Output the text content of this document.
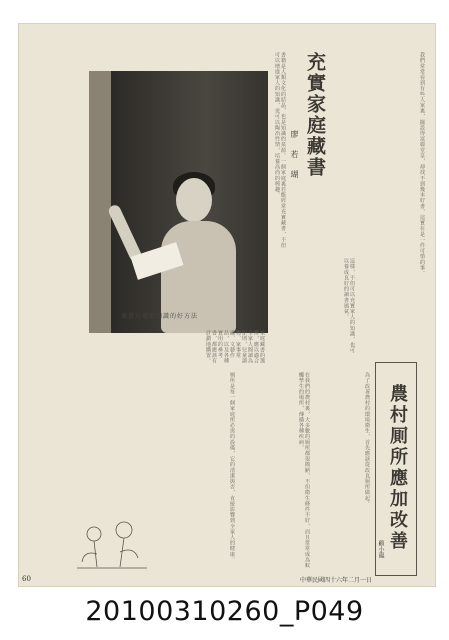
藏書是增加知識的好方法
充實家庭藏書
廖　若　瑚
書籍是人類文化的結晶，也是知識的泉源。一個家庭裏若能經常充實藏書，不但可以增進家人的知識，更可以陶冶性情，培養高尚的興趣。	我們常常看到有些人家裏，擺設得富麗堂皇，却找不到幾本好書，這實在是一件可惜的事。
家庭藏書的選擇，應以適合全家人閱讀為原則，兒童讀物、家事常識、文藝作品，以及各種實用的參考書，都應該有計劃地購置。	這樣，不但可以充實家人的知識，也可以養成良好的讀書風氣。
厠所是每一個家庭所必需的設備，它的清潔與否，直接影響到全家人的健康。	在我們的農村裏，大多數的厠所都很簡陋，不但衛生條件不好，而且常常成為蚊蠅孳生的場所，傳播各種疾病。	為了改善農村的環境衛生，首先應該從改良厠所做起。 農村厠所應加改善
顧小龍
60	中華民國四十六年二月一日
20100310260_P049
